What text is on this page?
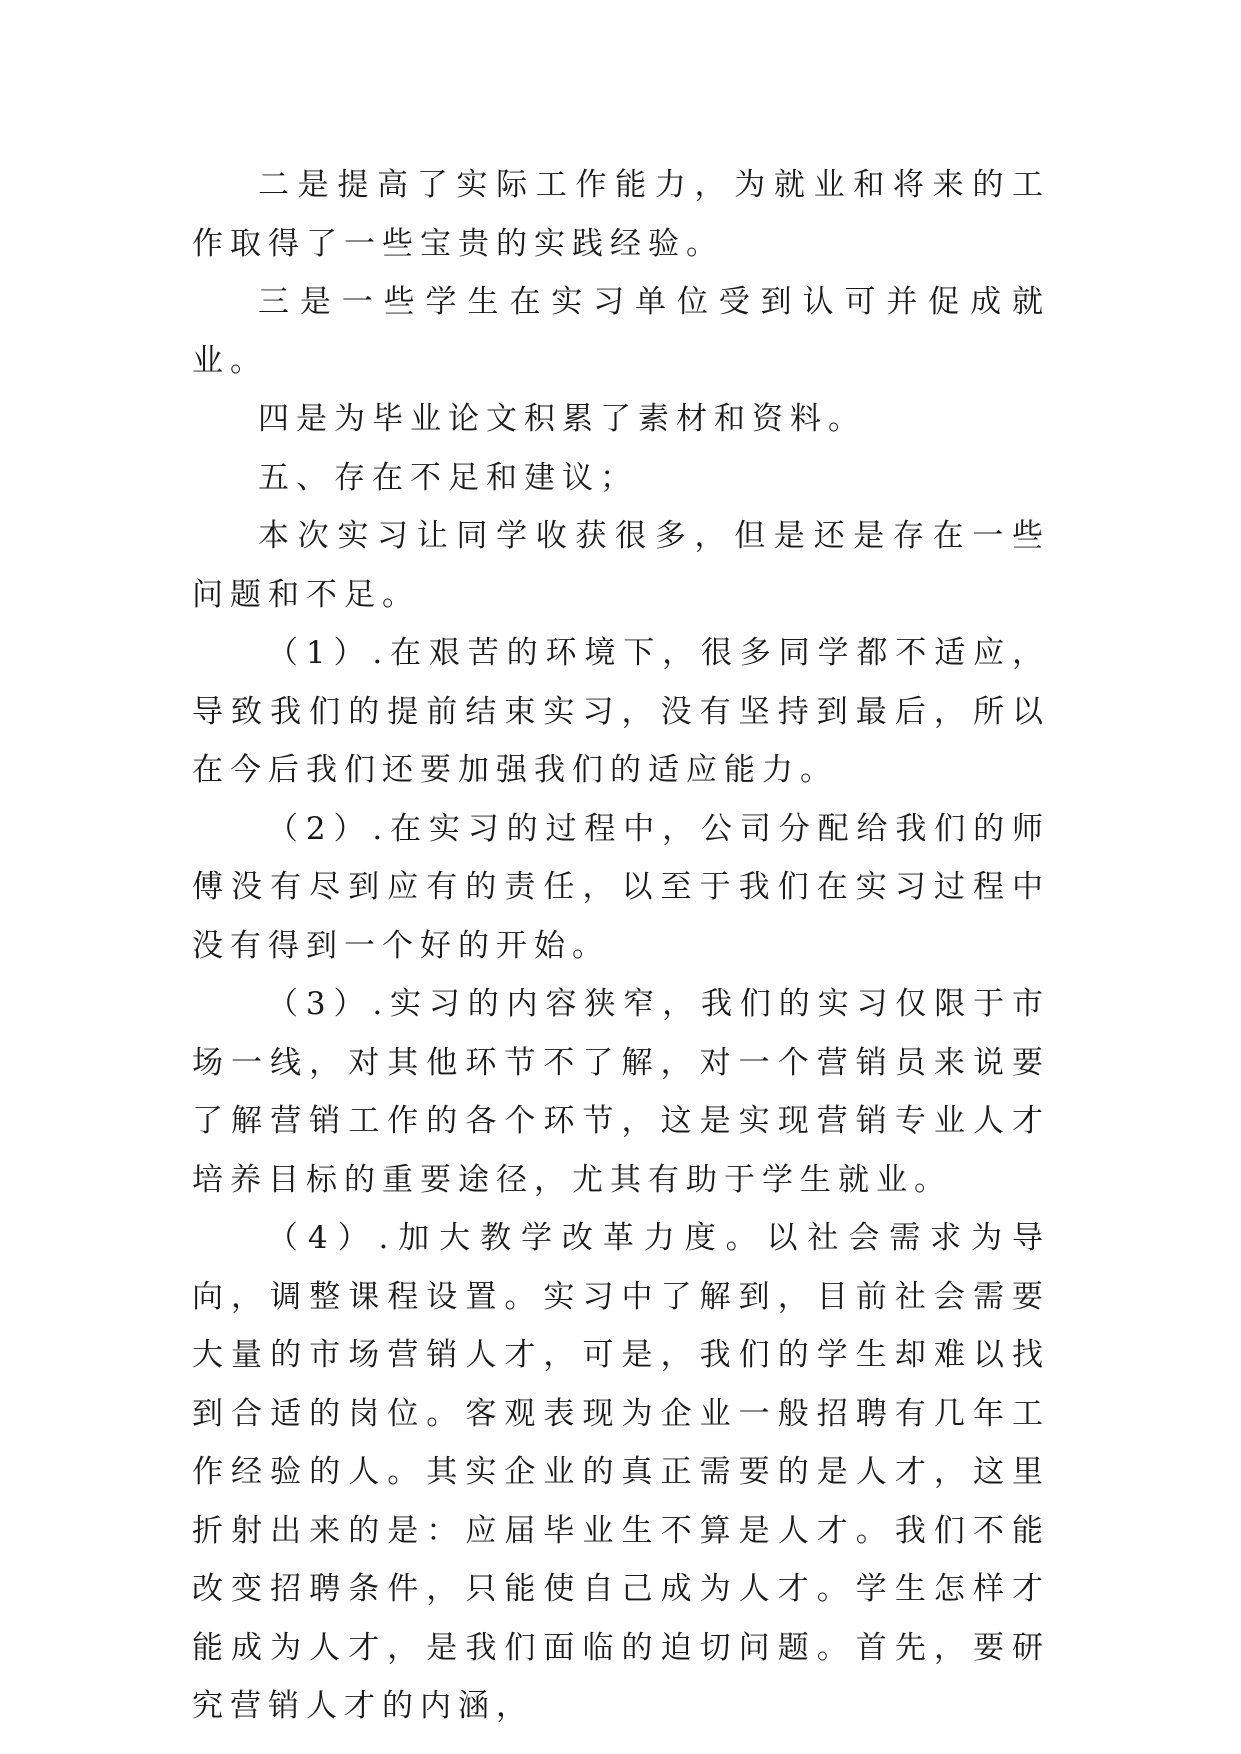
二是提高了实际工作能力，为就业和将来的工作取得了一些宝贵的实践经验。

三是一些学生在实习单位受到认可并促成就业。

四是为毕业论文积累了素材和资料。

五、存在不足和建议；

本次实习让同学收获很多，但是还是存在一些问题和不足。

（1）.在艰苦的环境下，很多同学都不适应，导致我们的提前结束实习，没有坚持到最后，所以在今后我们还要加强我们的适应能力。

（2）.在实习的过程中，公司分配给我们的师傅没有尽到应有的责任，以至于我们在实习过程中没有得到一个好的开始。

（3）.实习的内容狭窄，我们的实习仅限于市场一线，对其他环节不了解，对一个营销员来说要了解营销工作的各个环节，这是实现营销专业人才培养目标的重要途径，尤其有助于学生就业。

（4）.加大教学改革力度。以社会需求为导向，调整课程设置。实习中了解到，目前社会需要大量的市场营销人才，可是，我们的学生却难以找到合适的岗位。客观表现为企业一般招聘有几年工作经验的人。其实企业的真正需要的是人才，这里折射出来的是：应届毕业生不算是人才。我们不能改变招聘条件，只能使自己成为人才。学生怎样才能成为人才，是我们面临的迫切问题。首先，要研究营销人才的内涵，
